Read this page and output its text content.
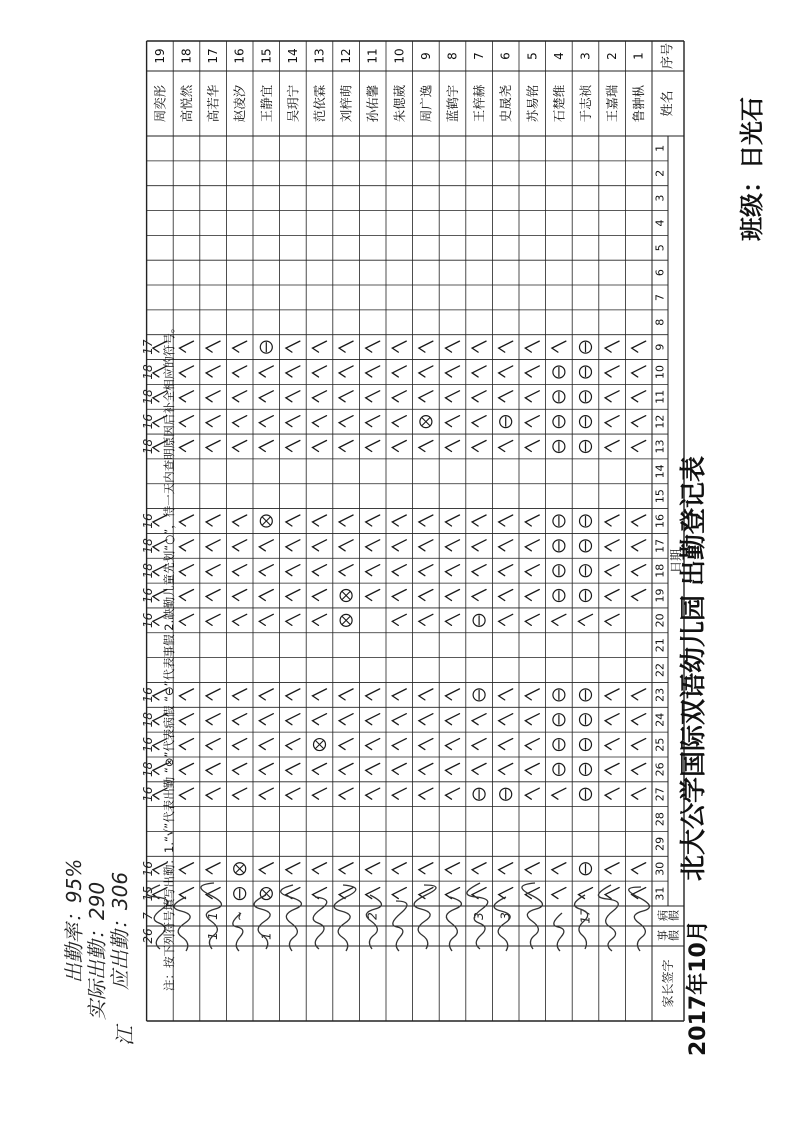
序号
姓名
日期
1
2
3
4
5
6
7
8
9
10
11
12
13
14
15
16
17
18
19
20
21
22
23
24
25
26
27
28
29
30
31
病假
事假
家长签字
1
鲁翀枞
2
王嘉瑞
3
于志祯
4
石楚维
5
苏易铭
6
史晟尧
7
王梓赫
8
蓝鹤宇
9
周广逸
10
朱偲葳
11
孙佑馨
12
刘梓萌
13
范依霖
14
吴玥宁
15
王静宜
16
赵凌汐
17
高若华
18
高悦然
19
周奕彤
17
3
3
2
~
1
1
1
17
18
18
16
18
16
18
18
16
16
16
18
16
18
16
16
15
7
26
应出勤：306
实际出勤：290
出勤率：95%
江
班级：日光石
北大公学国际双语幼儿园 出勤登记表
2017年10月
注：按下列符号填写出勤：1.“√”代表出勤 “⊗”代表病假 “⊖”代表事假 2.缺勤儿童先划“○”，待一天内查明原因后补全相应的符号。
